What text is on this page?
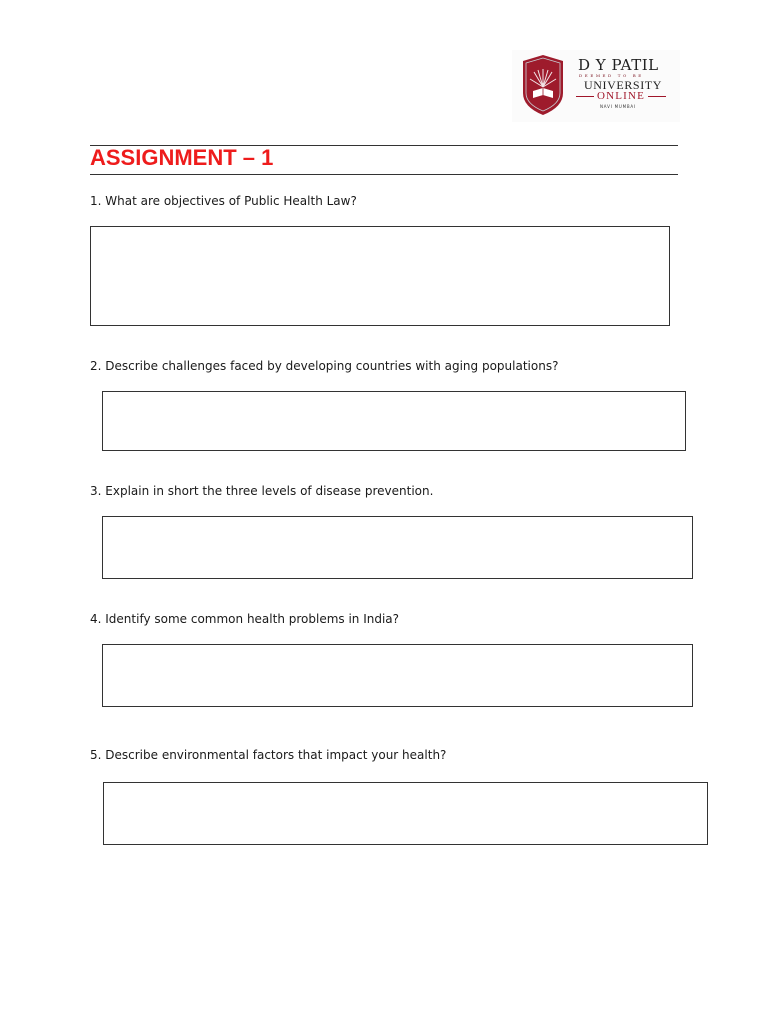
D Y PATIL
DEEMED TO BE
UNIVERSITY
ONLINE
NAVI MUMBAI
ASSIGNMENT – 1
1. What are objectives of Public Health Law?
2. Describe challenges faced by developing countries with aging populations?
3. Explain in short the three levels of disease prevention.
4. Identify some common health problems in India?
5. Describe environmental factors that impact your health?
